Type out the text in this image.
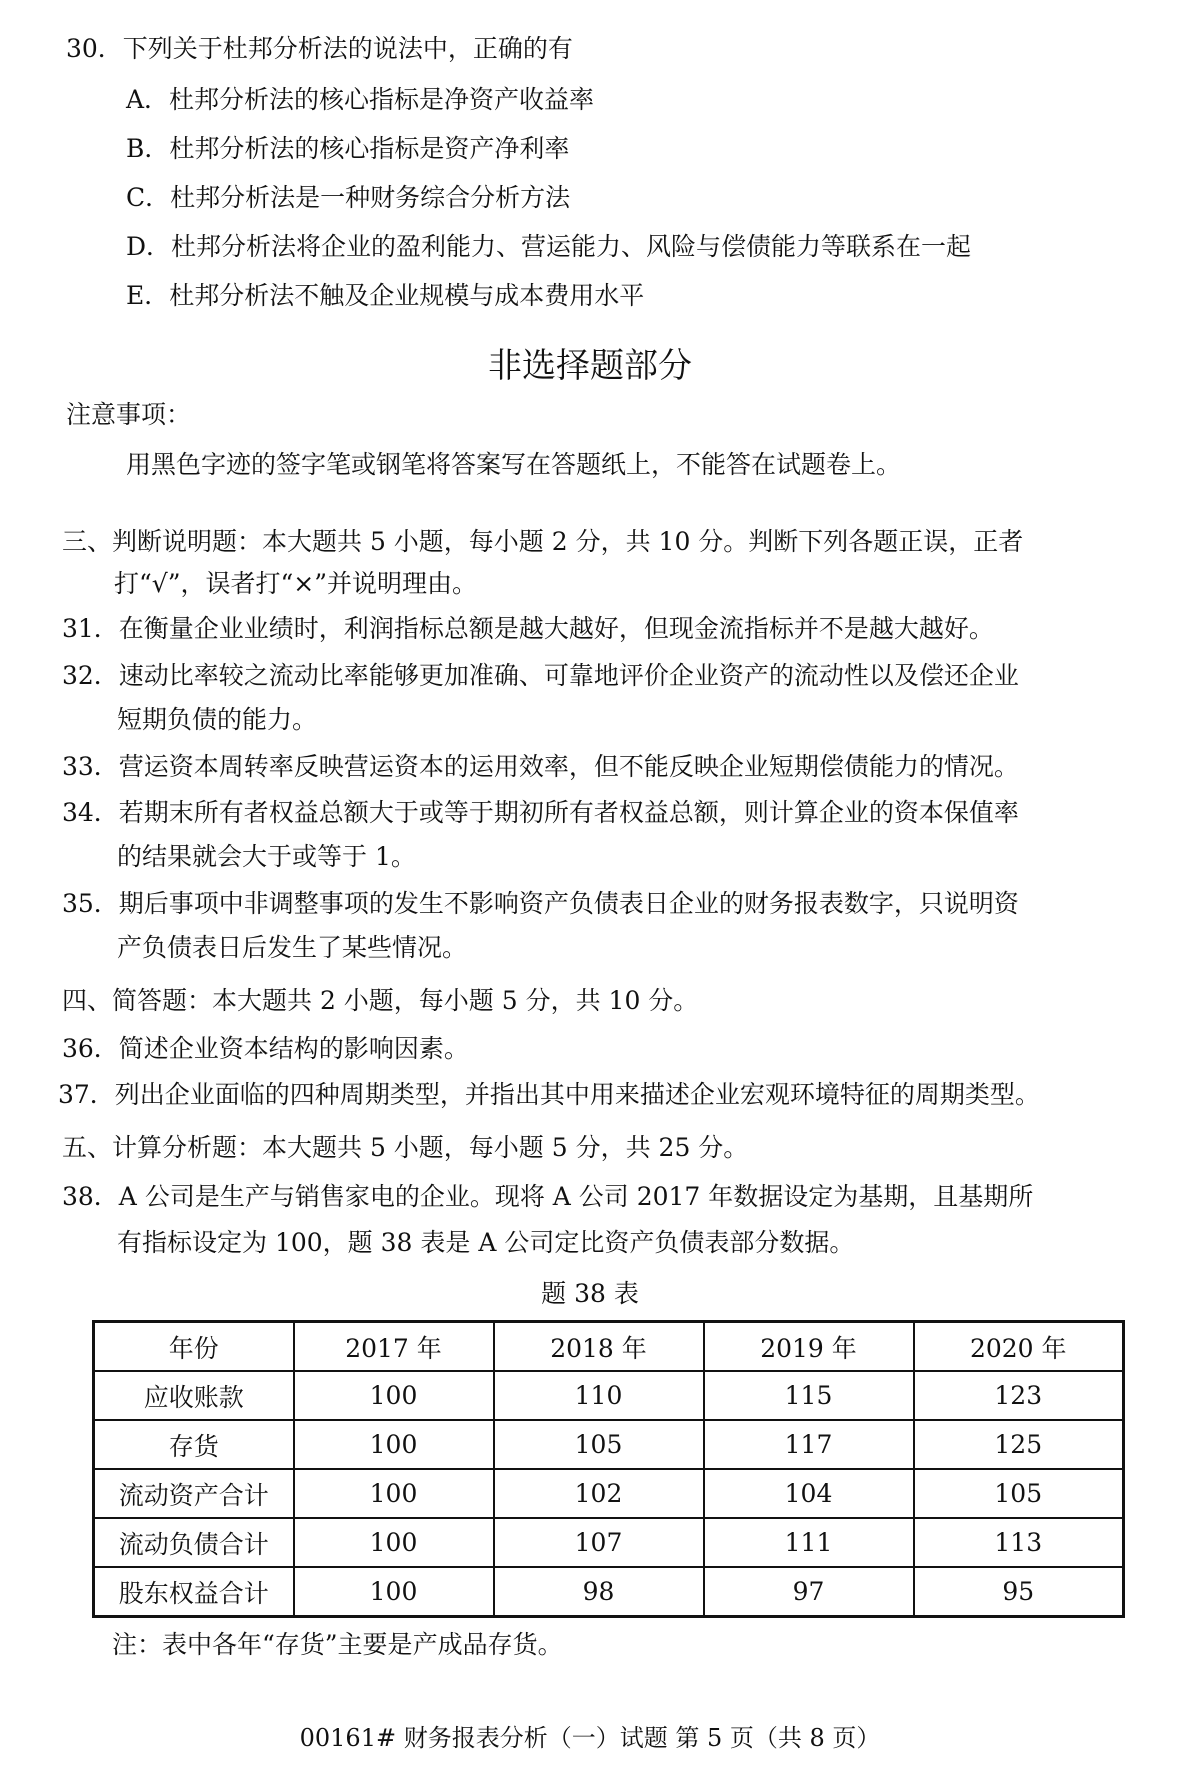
30．下列关于杜邦分析法的说法中，正确的有
A．杜邦分析法的核心指标是净资产收益率
B．杜邦分析法的核心指标是资产净利率
C．杜邦分析法是一种财务综合分析方法
D．杜邦分析法将企业的盈利能力、营运能力、风险与偿债能力等联系在一起
E．杜邦分析法不触及企业规模与成本费用水平
非选择题部分
注意事项：
用黑色字迹的签字笔或钢笔将答案写在答题纸上，不能答在试题卷上。
三、判断说明题：本大题共 5 小题，每小题 2 分，共 10 分。判断下列各题正误，正者
打“√”，误者打“×”并说明理由。
31．在衡量企业业绩时，利润指标总额是越大越好，但现金流指标并不是越大越好。
32．速动比率较之流动比率能够更加准确、可靠地评价企业资产的流动性以及偿还企业
短期负债的能力。
33．营运资本周转率反映营运资本的运用效率，但不能反映企业短期偿债能力的情况。
34．若期末所有者权益总额大于或等于期初所有者权益总额，则计算企业的资本保值率
的结果就会大于或等于 1。
35．期后事项中非调整事项的发生不影响资产负债表日企业的财务报表数字，只说明资
产负债表日后发生了某些情况。
四、简答题：本大题共 2 小题，每小题 5 分，共 10 分。
36．简述企业资本结构的影响因素。
37．列出企业面临的四种周期类型，并指出其中用来描述企业宏观环境特征的周期类型。
五、计算分析题：本大题共 5 小题，每小题 5 分，共 25 分。
38．A 公司是生产与销售家电的企业。现将 A 公司 2017 年数据设定为基期，且基期所
有指标设定为 100，题 38 表是 A 公司定比资产负债表部分数据。
题 38 表
年份	2017 年	2018 年	2019 年	2020 年
应收账款	100	110	115	123
存货	100	105	117	125
流动资产合计	100	102	104	105
流动负债合计	100	107	111	113
股东权益合计	100	98	97	95
注：表中各年“存货”主要是产成品存货。
00161# 财务报表分析（一）试题 第 5 页（共 8 页）
